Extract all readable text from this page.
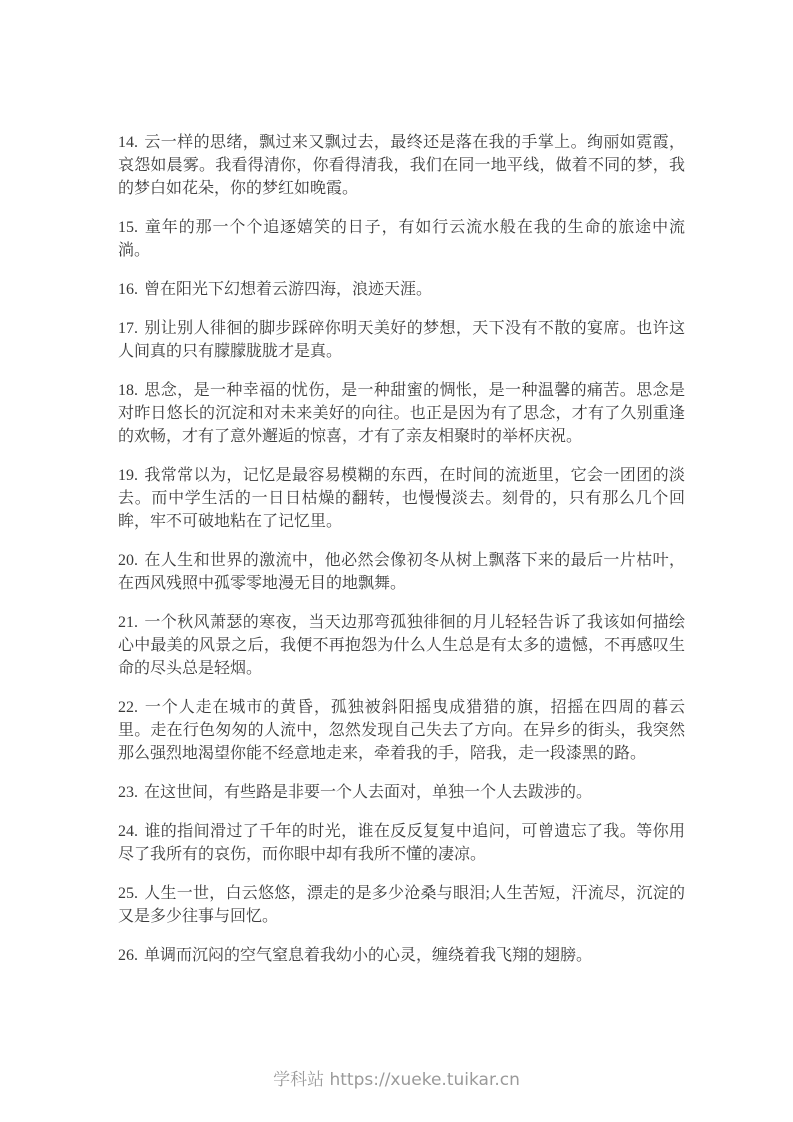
14. 云一样的思绪，飘过来又飘过去，最终还是落在我的手掌上。绚丽如霓霞，哀怨如晨雾。我看得清你，你看得清我，我们在同一地平线，做着不同的梦，我的梦白如花朵，你的梦红如晚霞。

15. 童年的那一个个追逐嬉笑的日子，有如行云流水般在我的生命的旅途中流淌。

16. 曾在阳光下幻想着云游四海，浪迹天涯。

17. 别让别人徘徊的脚步踩碎你明天美好的梦想，天下没有不散的宴席。也许这人间真的只有朦朦胧胧才是真。

18. 思念，是一种幸福的忧伤，是一种甜蜜的惆怅，是一种温馨的痛苦。思念是对昨日悠长的沉淀和对未来美好的向往。也正是因为有了思念，才有了久别重逢的欢畅，才有了意外邂逅的惊喜，才有了亲友相聚时的举杯庆祝。

19. 我常常以为，记忆是最容易模糊的东西，在时间的流逝里，它会一团团的淡去。而中学生活的一日日枯燥的翻转，也慢慢淡去。刻骨的，只有那么几个回眸，牢不可破地粘在了记忆里。

20. 在人生和世界的激流中，他必然会像初冬从树上飘落下来的最后一片枯叶，在西风残照中孤零零地漫无目的地飘舞。

21. 一个秋风萧瑟的寒夜，当天边那弯孤独徘徊的月儿轻轻告诉了我该如何描绘心中最美的风景之后，我便不再抱怨为什么人生总是有太多的遗憾，不再感叹生命的尽头总是轻烟。

22. 一个人走在城市的黄昏，孤独被斜阳摇曳成猎猎的旗，招摇在四周的暮云里。走在行色匆匆的人流中，忽然发现自己失去了方向。在异乡的街头，我突然那么强烈地渴望你能不经意地走来，牵着我的手，陪我，走一段漆黑的路。

23. 在这世间，有些路是非要一个人去面对，单独一个人去跋涉的。

24. 谁的指间滑过了千年的时光，谁在反反复复中追问，可曾遗忘了我。等你用尽了我所有的哀伤，而你眼中却有我所不懂的凄凉。

25. 人生一世，白云悠悠，漂走的是多少沧桑与眼泪;人生苦短，汗流尽，沉淀的又是多少往事与回忆。

26. 单调而沉闷的空气窒息着我幼小的心灵，缠绕着我飞翔的翅膀。

学科站 https://xueke.tuikar.cn
